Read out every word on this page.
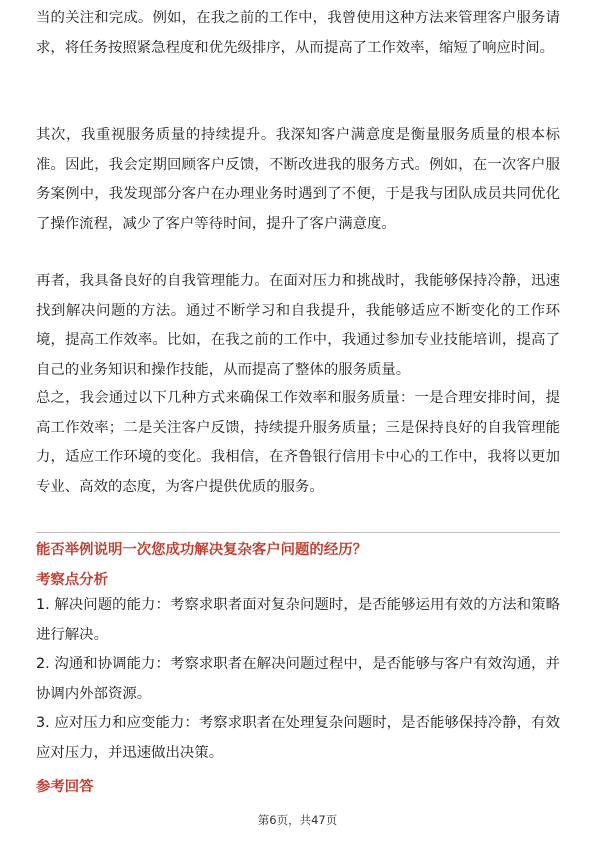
当的关注和完成。例如，在我之前的工作中，我曾使用这种方法来管理客户服务请求，将任务按照紧急程度和优先级排序，从而提高了工作效率，缩短了响应时间。

其次，我重视服务质量的持续提升。我深知客户满意度是衡量服务质量的根本标准。因此，我会定期回顾客户反馈，不断改进我的服务方式。例如，在一次客户服务案例中，我发现部分客户在办理业务时遇到了不便，于是我与团队成员共同优化了操作流程，减少了客户等待时间，提升了客户满意度。

再者，我具备良好的自我管理能力。在面对压力和挑战时，我能够保持冷静，迅速找到解决问题的方法。通过不断学习和自我提升，我能够适应不断变化的工作环境，提高工作效率。比如，在我之前的工作中，我通过参加专业技能培训，提高了自己的业务知识和操作技能，从而提高了整体的服务质量。

总之，我会通过以下几种方式来确保工作效率和服务质量：一是合理安排时间，提高工作效率；二是关注客户反馈，持续提升服务质量；三是保持良好的自我管理能力，适应工作环境的变化。我相信，在齐鲁银行信用卡中心的工作中，我将以更加专业、高效的态度，为客户提供优质的服务。

能否举例说明一次您成功解决复杂客户问题的经历？
考察点分析
1. 解决问题的能力：考察求职者面对复杂问题时，是否能够运用有效的方法和策略进行解决。
2. 沟通和协调能力：考察求职者在解决问题过程中，是否能够与客户有效沟通，并协调内外部资源。
3. 应对压力和应变能力：考察求职者在处理复杂问题时，是否能够保持冷静，有效应对压力，并迅速做出决策。
参考回答
第6页，共47页
